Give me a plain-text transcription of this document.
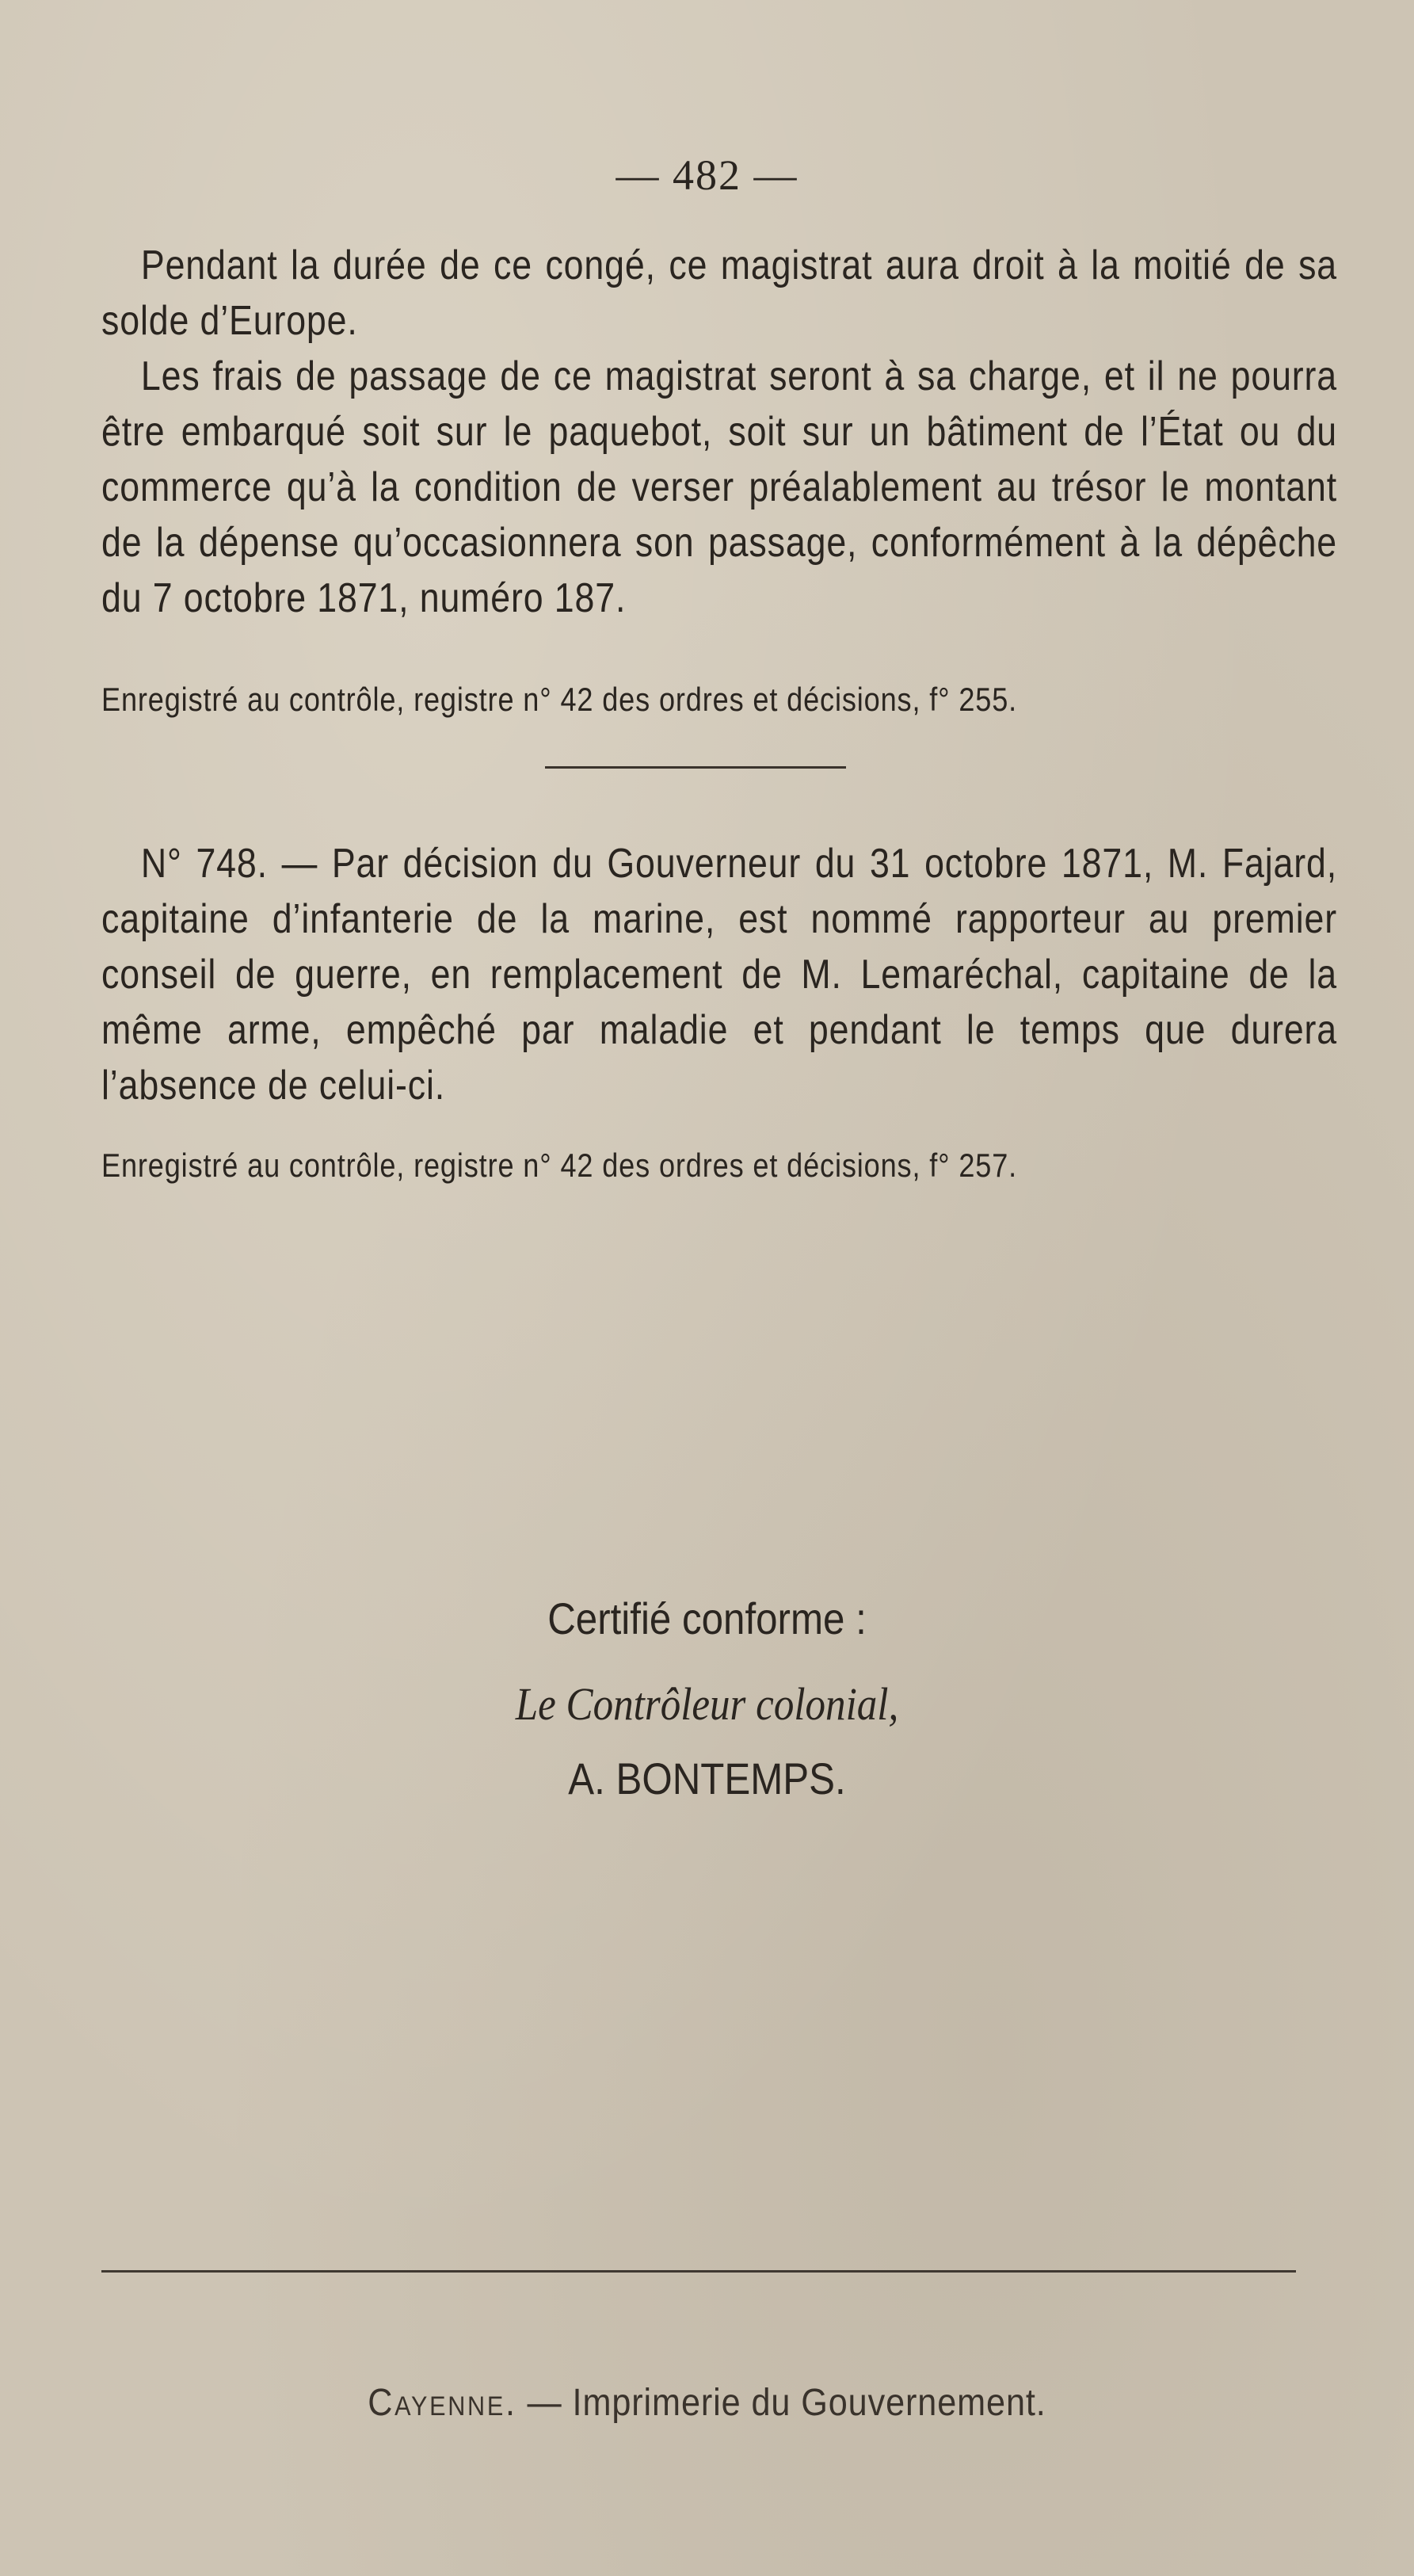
— 482 —

Pendant la durée de ce congé, ce magistrat aura droit à la moitié de sa solde d’Europe.

Les frais de passage de ce magistrat seront à sa charge, et il ne pourra être embarqué soit sur le paquebot, soit sur un bâtiment de l’État ou du commerce qu’à la condition de verser préalablement au trésor le montant de la dépense qu’occasionnera son passage, conformément à la dépêche du 7 octobre 1871, numéro 187.

Enregistré au contrôle, registre n° 42 des ordres et décisions, f° 255.

N° 748. — Par décision du Gouverneur du 31 octobre 1871, M. Fajard, capitaine d’infanterie de la marine, est nommé rapporteur au premier conseil de guerre, en remplacement de M. Lemaréchal, capitaine de la même arme, empêché par maladie et pendant le temps que durera l’absence de celui-ci.

Enregistré au contrôle, registre n° 42 des ordres et décisions, f° 257.

Certifié conforme :
Le Contrôleur colonial,
A. BONTEMPS.
Cayenne. — Imprimerie du Gouvernement.
